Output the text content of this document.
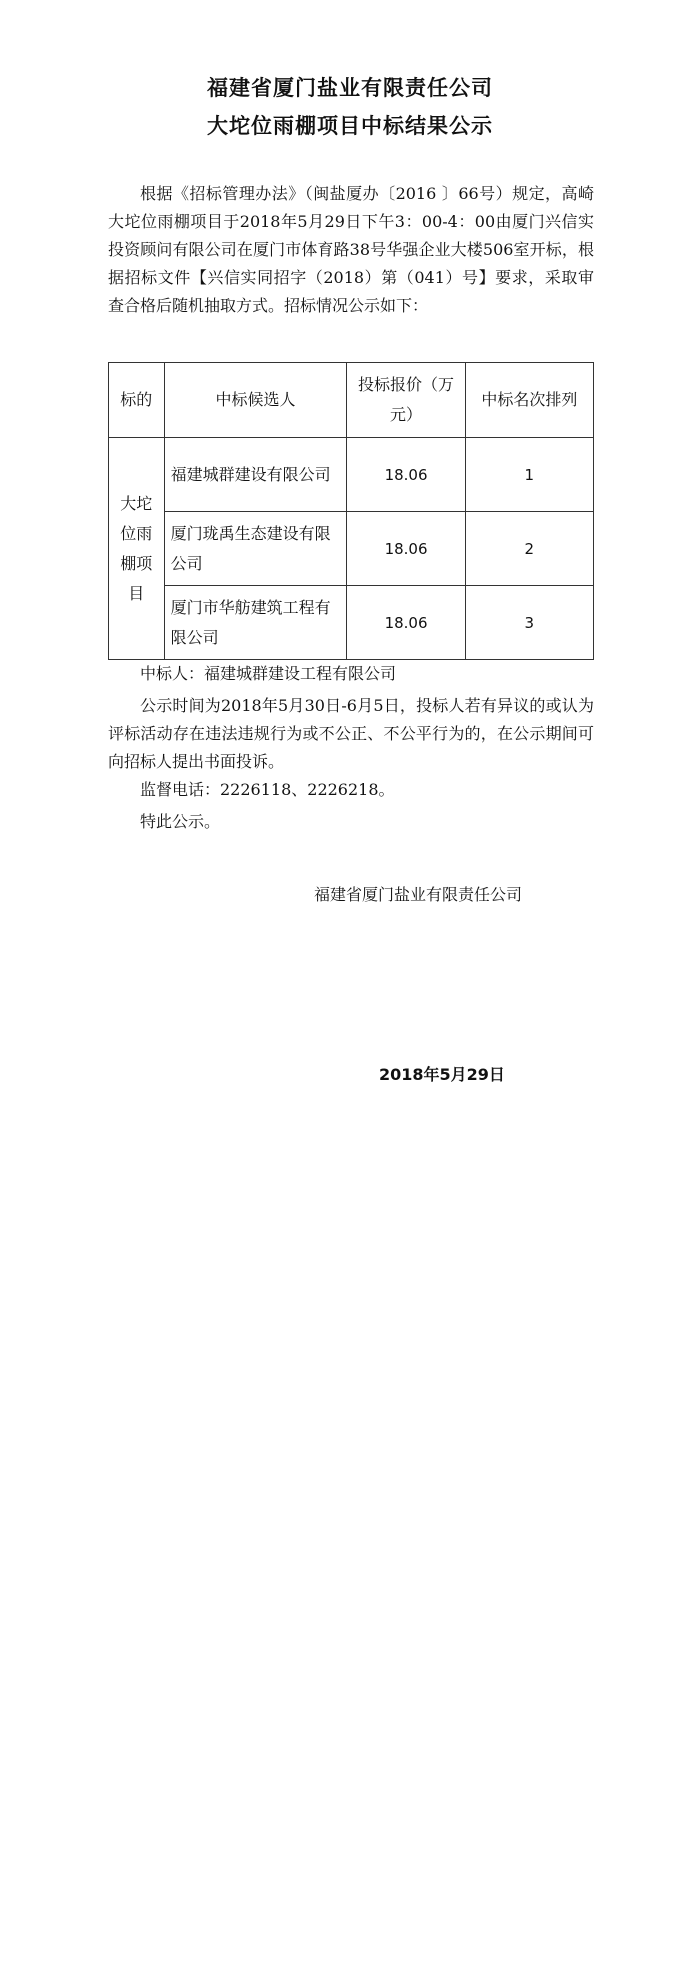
福建省厦门盐业有限责任公司
大坨位雨棚项目中标结果公示

根据《招标管理办法》（闽盐厦办〔2016 〕66号）规定，高崎大坨位雨棚项目于2018年5月29日下午3：00-4：00由厦门兴信实投资顾问有限公司在厦门市体育路38号华强企业大楼506室开标，根据招标文件【兴信实同招字（2018）第（041）号】要求，采取审查合格后随机抽取方式。招标情况公示如下：

标的	中标候选人	投标报价（万元）	中标名次排列
大坨位雨棚项目	福建城群建设有限公司	18.06	1
	厦门珑禹生态建设有限公司	18.06	2
	厦门市华舫建筑工程有限公司	18.06	3

中标人：福建城群建设工程有限公司

公示时间为2018年5月30日-6月5日，投标人若有异议的或认为评标活动存在违法违规行为或不公正、不公平行为的，在公示期间可向招标人提出书面投诉。

监督电话：2226118、2226218。

特此公示。

福建省厦门盐业有限责任公司
2018年5月29日
